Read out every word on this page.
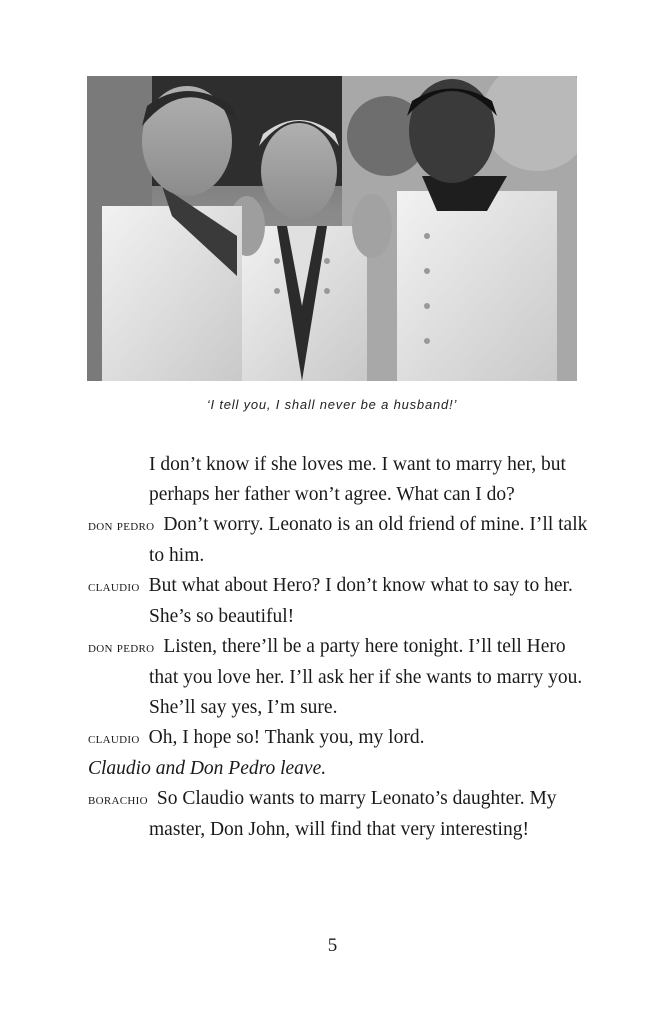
‘I tell you, I shall never be a husband!’

I don’t know if she loves me. I want to marry her, but perhaps her father won’t agree. What can I do?

don pedro Don’t worry. Leonato is an old friend of mine. I’ll talk to him.

claudio But what about Hero? I don’t know what to say to her. She’s so beautiful!

don pedro Listen, there’ll be a party here tonight. I’ll tell Hero that you love her. I’ll ask her if she wants to marry you. She’ll say yes, I’m sure.

claudio Oh, I hope so! Thank you, my lord.

Claudio and Don Pedro leave.

borachio So Claudio wants to marry Leonato’s daughter. My master, Don John, will find that very interesting!

5
